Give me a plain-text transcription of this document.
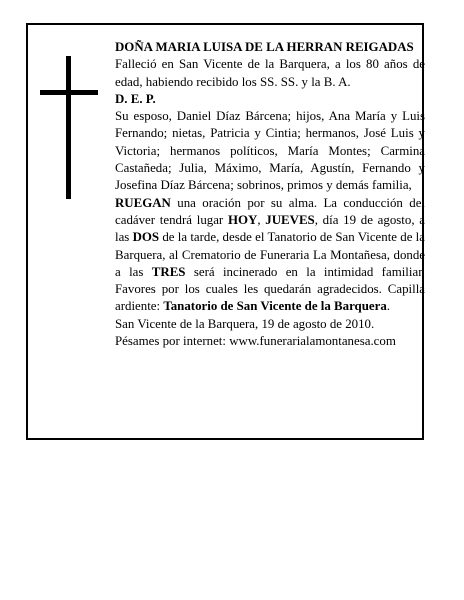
DOÑA MARIA LUISA DE LA HERRAN REIGADAS

Falleció en San Vicente de la Barquera, a los 80 años de edad, habiendo recibido los SS. SS. y la B. A.

D. E. P.

Su esposo, Daniel Díaz Bárcena; hijos, Ana María y Luis Fernando; nietas, Patricia y Cintia; hermanos, José Luis y Victoria; hermanos políticos, María Montes; Carmina Castañeda; Julia, Máximo, María, Agustín, Fernando y Josefina Díaz Bárcena; sobrinos, primos y demás familia,

RUEGAN una oración por su alma. La conducción del cadáver tendrá lugar HOY, JUEVES, día 19 de agosto, a las DOS de la tarde, desde el Tanatorio de San Vicente de la Barquera, al Crematorio de Funeraria La Montañesa, donde a las TRES será incinerado en la intimidad familiar. Favores por los cuales les quedarán agradecidos. Capilla ardiente: Tanatorio de San Vicente de la Barquera.

San Vicente de la Barquera, 19 de agosto de 2010.

Pésames por internet: www.funerarialamontanesa.com
